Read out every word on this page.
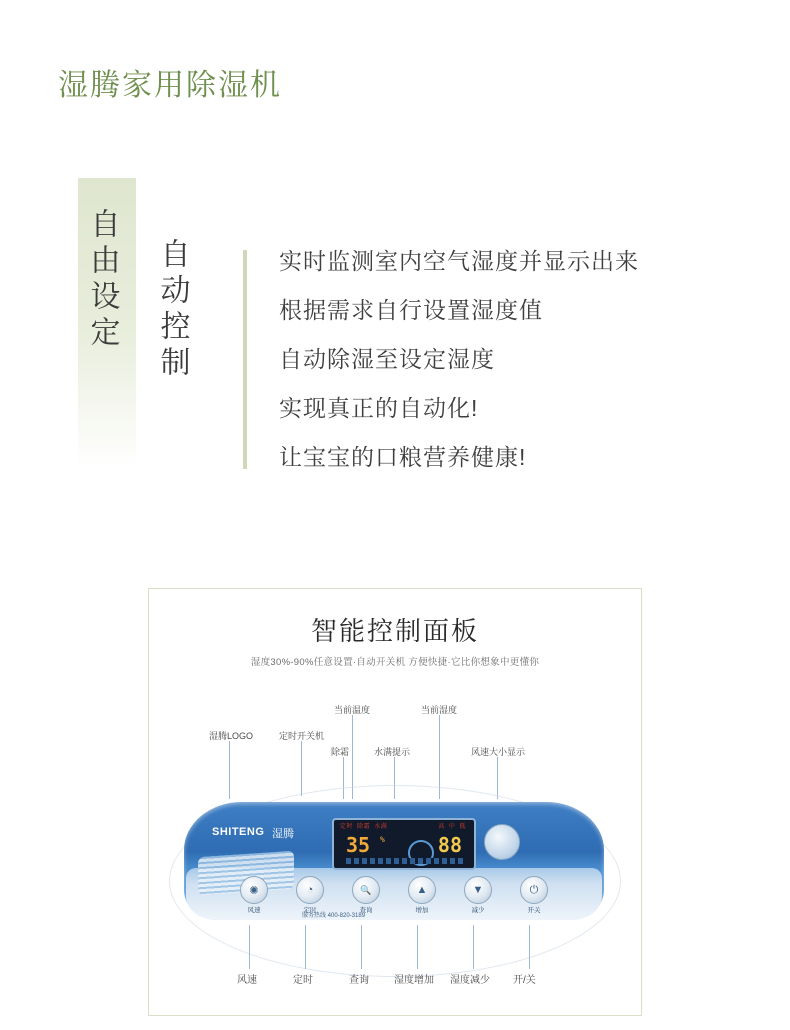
湿腾家用除湿机
自由设定 自动控制	实时监测室内空气湿度并显示出来
根据需求自行设置湿度值
自动除湿至设定湿度
实现真正的自动化!
让宝宝的口粮营养健康!
智能控制面板
湿度30%-90%任意设置·自动开关机 方便快捷·它比你想象中更懂你
湿腾LOGO	定时开关机
除霜
当前温度
水满提示
当前湿度
风速大小显示
SHITENG 湿腾
定时 除霜 水满	高 中 低
35 %	88
✺
风速
◔
定时
🔍
查询
▲
增加
▼
减少
⏻
开关
服务热线 400-820-3189
风速	定时	查询	湿度增加 湿度减少 开/关
